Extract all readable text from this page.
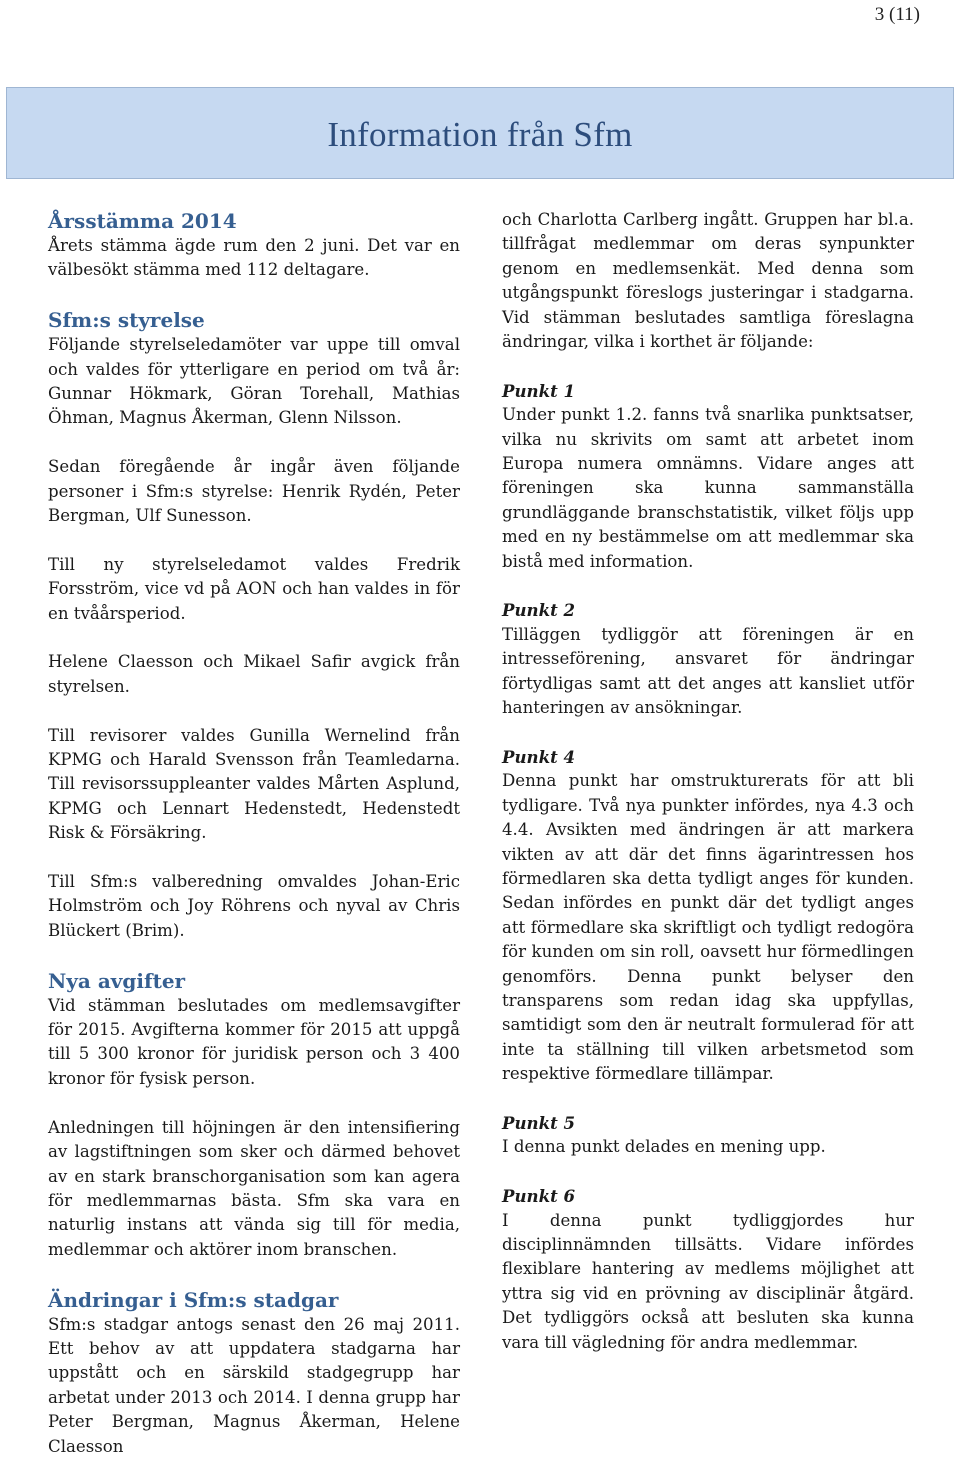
3 (11)
Information från Sfm
Årsstämma 2014

Årets stämma ägde rum den 2 juni. Det var en välbesökt stämma med 112 deltagare.

Sfm:s styrelse

Följande styrelseledamöter var uppe till omval och valdes för ytterligare en period om två år: Gunnar Hökmark, Göran Torehall, Mathias Öhman, Magnus Åkerman, Glenn Nilsson.

Sedan föregående år ingår även följande personer i Sfm:s styrelse: Henrik Rydén, Peter Bergman, Ulf Sunesson.

Till ny styrelseledamot valdes Fredrik Forsström, vice vd på AON och han valdes in för en tvåårsperiod.

Helene Claesson och Mikael Safir avgick från styrelsen.

Till revisorer valdes Gunilla Wernelind från KPMG och Harald Svensson från Teamledarna. Till revisorssuppleanter valdes Mårten Asplund, KPMG och Lennart Hedenstedt, Hedenstedt Risk & Försäkring.

Till Sfm:s valberedning omvaldes Johan-Eric Holmström och Joy Röhrens och nyval av Chris Blückert (Brim).

Nya avgifter

Vid stämman beslutades om medlemsavgifter för 2015. Avgifterna kommer för 2015 att uppgå till 5 300 kronor för juridisk person och 3 400 kronor för fysisk person.

Anledningen till höjningen är den intensifiering av lagstiftningen som sker och därmed behovet av en stark branschorganisation som kan agera för medlemmarnas bästa. Sfm ska vara en naturlig instans att vända sig till för media, medlemmar och aktörer inom branschen.

Ändringar i Sfm:s stadgar

Sfm:s stadgar antogs senast den 26 maj 2011. Ett behov av att uppdatera stadgarna har uppstått och en särskild stadgegrupp har arbetat under 2013 och 2014. I denna grupp har Peter Bergman, Magnus Åkerman, Helene Claesson

och Charlotta Carlberg ingått. Gruppen har bl.a. tillfrågat medlemmar om deras synpunkter genom en medlemsenkät. Med denna som utgångspunkt föreslogs justeringar i stadgarna. Vid stämman beslutades samtliga föreslagna ändringar, vilka i korthet är följande:

Punkt 1

Under punkt 1.2. fanns två snarlika punktsatser, vilka nu skrivits om samt att arbetet inom Europa numera omnämns. Vidare anges att föreningen ska kunna sammanställa grundläggande branschstatistik, vilket följs upp med en ny bestämmelse om att medlemmar ska bistå med information.

Punkt 2

Tilläggen tydliggör att föreningen är en intresseförening, ansvaret för ändringar förtydligas samt att det anges att kansliet utför hanteringen av ansökningar.

Punkt 4

Denna punkt har omstrukturerats för att bli tydligare. Två nya punkter infördes, nya 4.3 och 4.4. Avsikten med ändringen är att markera vikten av att där det finns ägarintressen hos förmedlaren ska detta tydligt anges för kunden. Sedan infördes en punkt där det tydligt anges att förmedlare ska skriftligt och tydligt redogöra för kunden om sin roll, oavsett hur förmedlingen genomförs. Denna punkt belyser den transparens som redan idag ska uppfyllas, samtidigt som den är neutralt formulerad för att inte ta ställning till vilken arbetsmetod som respektive förmedlare tillämpar.

Punkt 5

I denna punkt delades en mening upp.

Punkt 6

I denna punkt tydliggjordes hur disciplinnämnden tillsätts. Vidare infördes flexiblare hantering av medlems möjlighet att yttra sig vid en prövning av disciplinär åtgärd. Det tydliggörs också att besluten ska kunna vara till vägledning för andra medlemmar.
